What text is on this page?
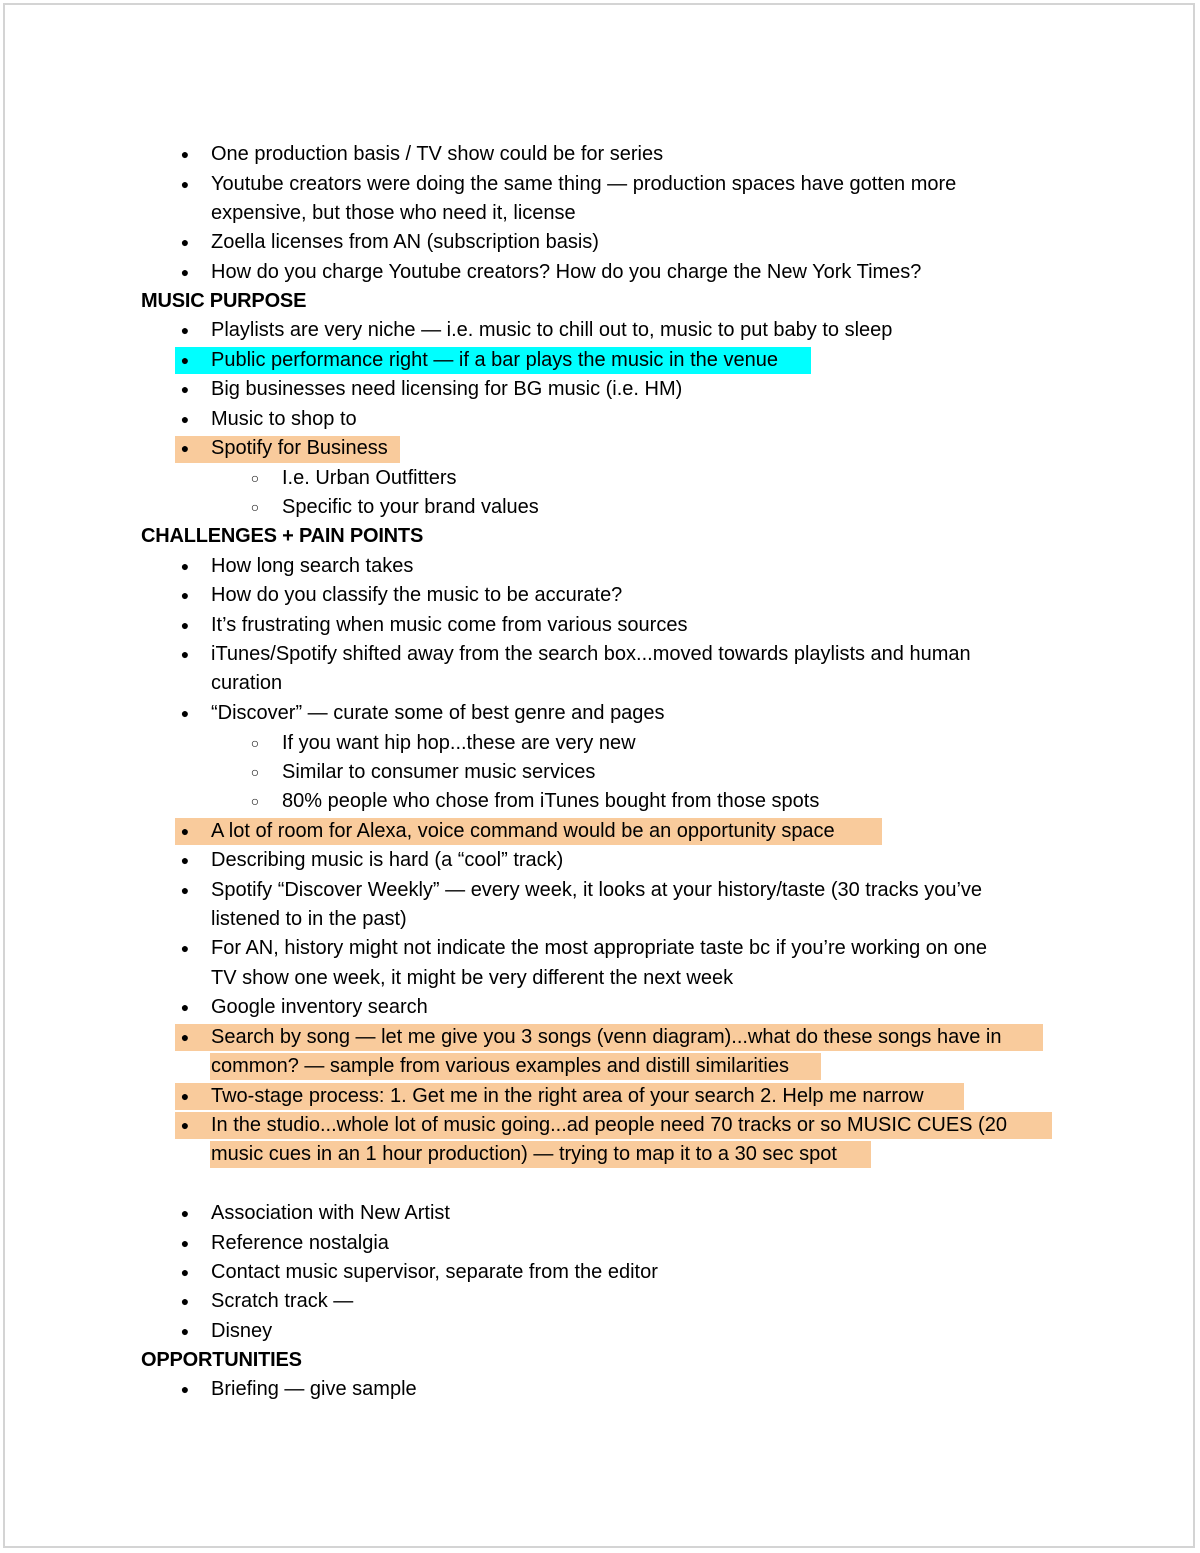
● One production basis / TV show could be for series
● Youtube creators were doing the same thing — production spaces have gotten more
expensive, but those who need it, license
● Zoella licenses from AN (subscription basis)
● How do you charge Youtube creators? How do you charge the New York Times?
MUSIC PURPOSE
● Playlists are very niche — i.e. music to chill out to, music to put baby to sleep
● Public performance right — if a bar plays the music in the venue
● Big businesses need licensing for BG music (i.e. HM)
● Music to shop to
● Spotify for Business
○ I.e. Urban Outfitters
○ Specific to your brand values
CHALLENGES + PAIN POINTS
● How long search takes
● How do you classify the music to be accurate?
● It’s frustrating when music come from various sources
● iTunes/Spotify shifted away from the search box...moved towards playlists and human
curation
● “Discover” — curate some of best genre and pages
○ If you want hip hop...these are very new
○ Similar to consumer music services
○ 80% people who chose from iTunes bought from those spots
● A lot of room for Alexa, voice command would be an opportunity space
● Describing music is hard (a “cool” track)
● Spotify “Discover Weekly” — every week, it looks at your history/taste (30 tracks you’ve
listened to in the past)
● For AN, history might not indicate the most appropriate taste bc if you’re working on one
TV show one week, it might be very different the next week
● Google inventory search
● Search by song — let me give you 3 songs (venn diagram)...what do these songs have in
common? — sample from various examples and distill similarities
● Two-stage process: 1. Get me in the right area of your search 2. Help me narrow
● In the studio...whole lot of music going...ad people need 70 tracks or so MUSIC CUES (20
music cues in an 1 hour production) — trying to map it to a 30 sec spot
● Association with New Artist
● Reference nostalgia
● Contact music supervisor, separate from the editor
● Scratch track —
● Disney
OPPORTUNITIES
● Briefing — give sample
